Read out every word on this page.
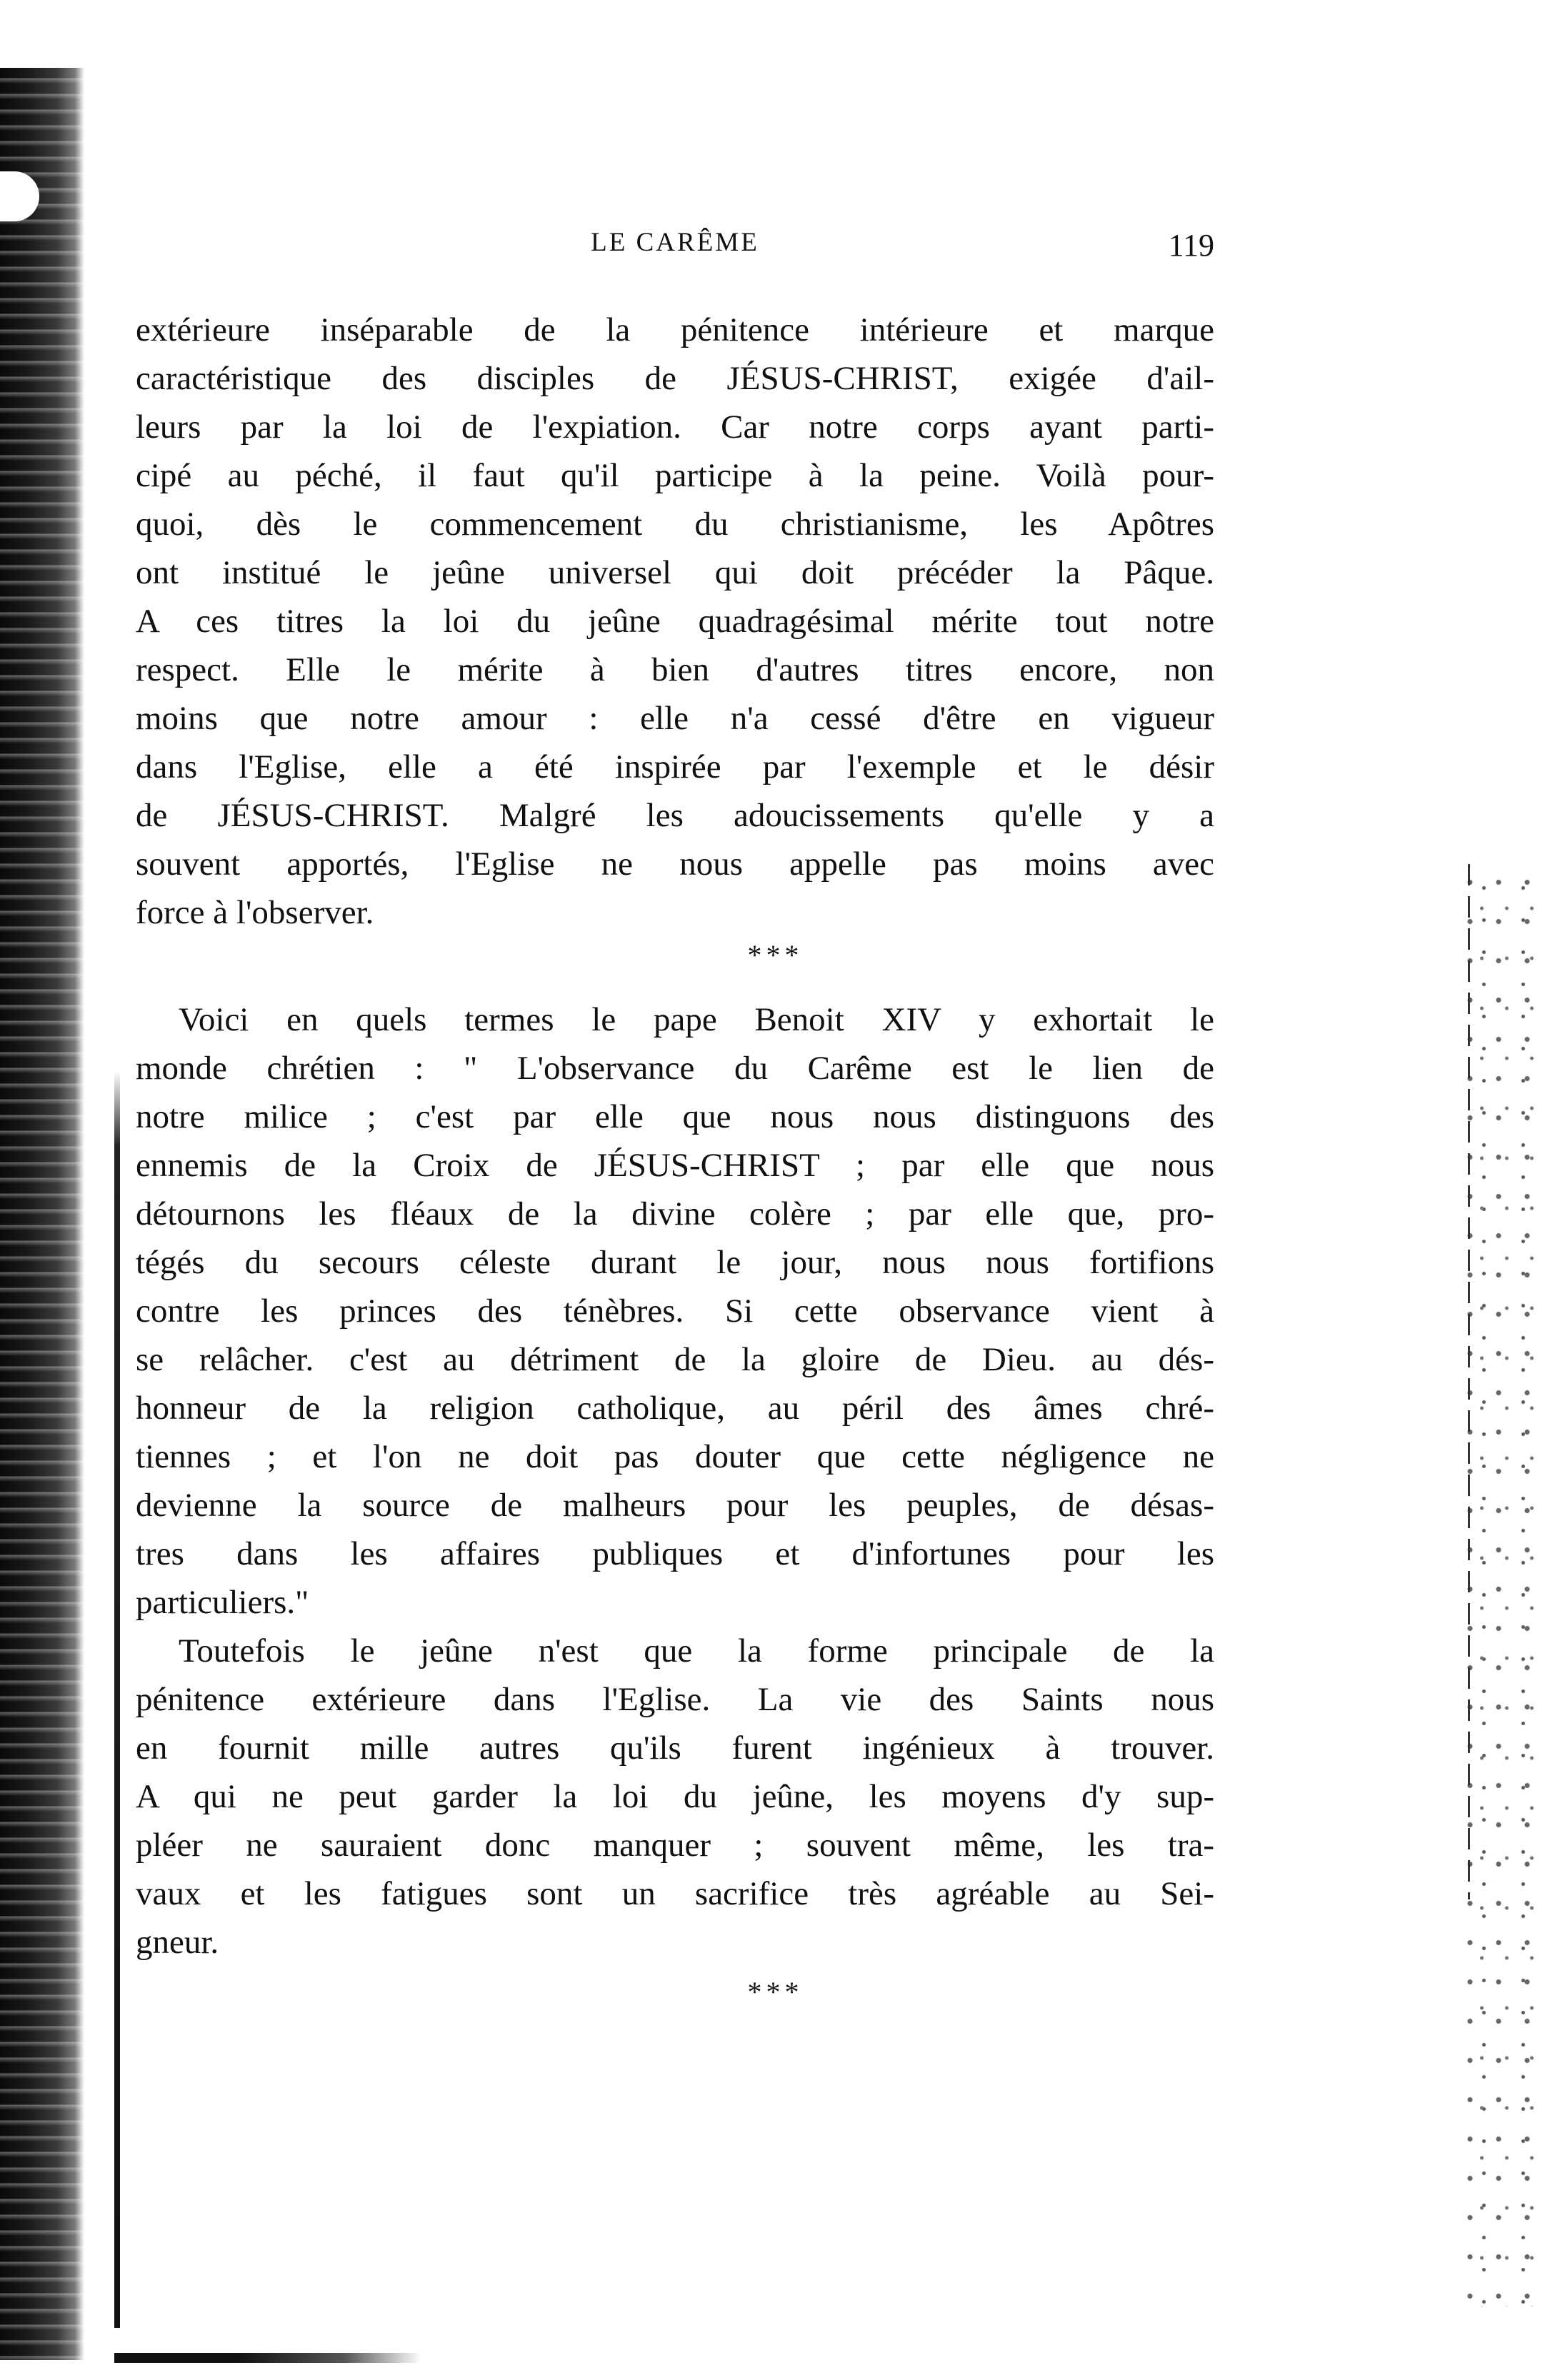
LE CARÊME	119
extérieure inséparable de la pénitence intérieure et marque
caractéristique des disciples de JÉSUS-CHRIST, exigée d'ail-
leurs par la loi de l'expiation. Car notre corps ayant parti-
cipé au péché, il faut qu'il participe à la peine. Voilà pour-
quoi, dès le commencement du christianisme, les Apôtres
ont institué le jeûne universel qui doit précéder la Pâque.
A ces titres la loi du jeûne quadragésimal mérite tout notre
respect. Elle le mérite à bien d'autres titres encore, non
moins que notre amour : elle n'a cessé d'être en vigueur
dans l'Eglise, elle a été inspirée par l'exemple et le désir
de JÉSUS-CHRIST. Malgré les adoucissements qu'elle y a
souvent apportés, l'Eglise ne nous appelle pas moins avec
force à l'observer.
* * *
Voici en quels termes le pape Benoit XIV y exhortait le
monde chrétien : " L'observance du Carême est le lien de
notre milice ; c'est par elle que nous nous distinguons des
ennemis de la Croix de JÉSUS-CHRIST ; par elle que nous
détournons les fléaux de la divine colère ; par elle que, pro-
tégés du secours céleste durant le jour, nous nous fortifions
contre les princes des ténèbres. Si cette observance vient à
se relâcher. c'est au détriment de la gloire de Dieu. au dés-
honneur de la religion catholique, au péril des âmes chré-
tiennes ; et l'on ne doit pas douter que cette négligence ne
devienne la source de malheurs pour les peuples, de désas-
tres dans les affaires publiques et d'infortunes pour les
particuliers."
Toutefois le jeûne n'est que la forme principale de la
pénitence extérieure dans l'Eglise. La vie des Saints nous
en fournit mille autres qu'ils furent ingénieux à trouver.
A qui ne peut garder la loi du jeûne, les moyens d'y sup-
pléer ne sauraient donc manquer ; souvent même, les tra-
vaux et les fatigues sont un sacrifice très agréable au Sei-
gneur.
* * *
